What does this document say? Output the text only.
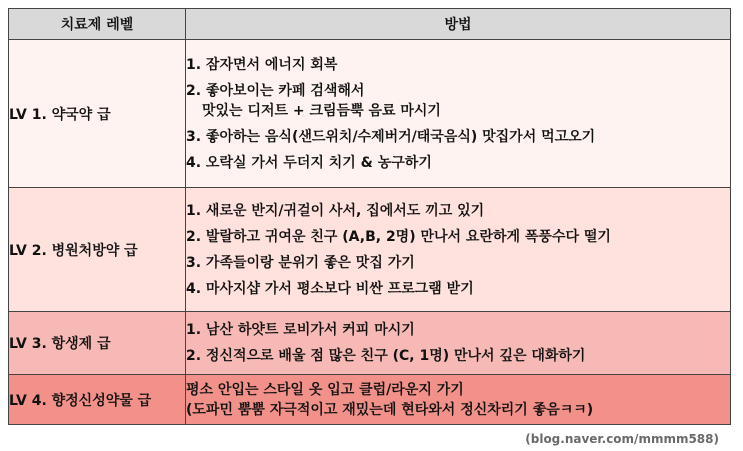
치료제 레벨	방법
LV 1. 약국약 급	1. 잠자면서 에너지 회복
2. 좋아보이는 카페 검색해서
맛있는 디저트 + 크림듬뿍 음료 마시기
3. 좋아하는 음식(샌드위치/수제버거/태국음식) 맛집가서 먹고오기
4. 오락실 가서 두더지 치기 & 농구하기

LV 2. 병원처방약 급	1. 새로운 반지/귀걸이 사서, 집에서도 끼고 있기
2. 발랄하고 귀여운 친구 (A,B, 2명) 만나서 요란하게 폭풍수다 떨기
3. 가족들이랑 분위기 좋은 맛집 가기
4. 마사지샵 가서 평소보다 비싼 프로그램 받기

LV 3. 항생제 급	1. 남산 하얏트 로비가서 커피 마시기
2. 정신적으로 배울 점 많은 친구 (C, 1명) 만나서 깊은 대화하기

LV 4. 향정신성약물 급	평소 안입는 스타일 옷 입고 클럽/라운지 가기
(도파민 뿜뿜 자극적이고 재밌는데 현타와서 정신차리기 좋음ㅋㅋ)
(blog.naver.com/mmmm588)
